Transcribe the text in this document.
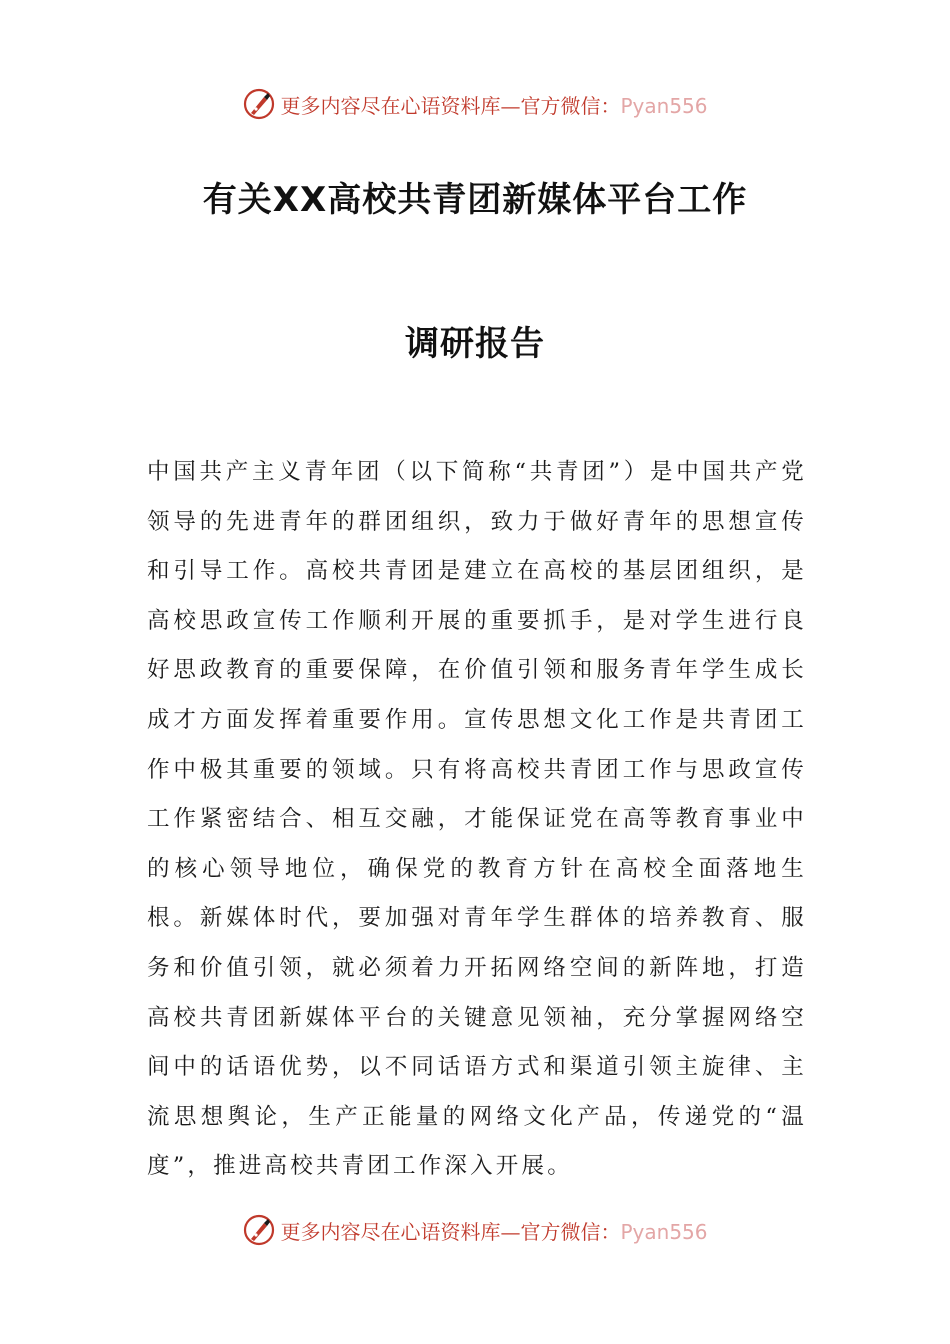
更多内容尽在心语资料库—官方微信：Pyan556
有关XX高校共青团新媒体平台工作
调研报告
中国共产主义青年团（以下简称“共青团”）是中国共产党领导的先进青年的群团组织，致力于做好青年的思想宣传和引导工作。高校共青团是建立在高校的基层团组织，是高校思政宣传工作顺利开展的重要抓手，是对学生进行良好思政教育的重要保障，在价值引领和服务青年学生成长成才方面发挥着重要作用。宣传思想文化工作是共青团工作中极其重要的领域。只有将高校共青团工作与思政宣传工作紧密结合、相互交融，才能保证党在高等教育事业中的核心领导地位，确保党的教育方针在高校全面落地生根。新媒体时代，要加强对青年学生群体的培养教育、服务和价值引领，就必须着力开拓网络空间的新阵地，打造高校共青团新媒体平台的关键意见领袖，充分掌握网络空间中的话语优势，以不同话语方式和渠道引领主旋律、主流思想舆论，生产正能量的网络文化产品，传递党的“温度”，推进高校共青团工作深入开展。
更多内容尽在心语资料库—官方微信：Pyan556
